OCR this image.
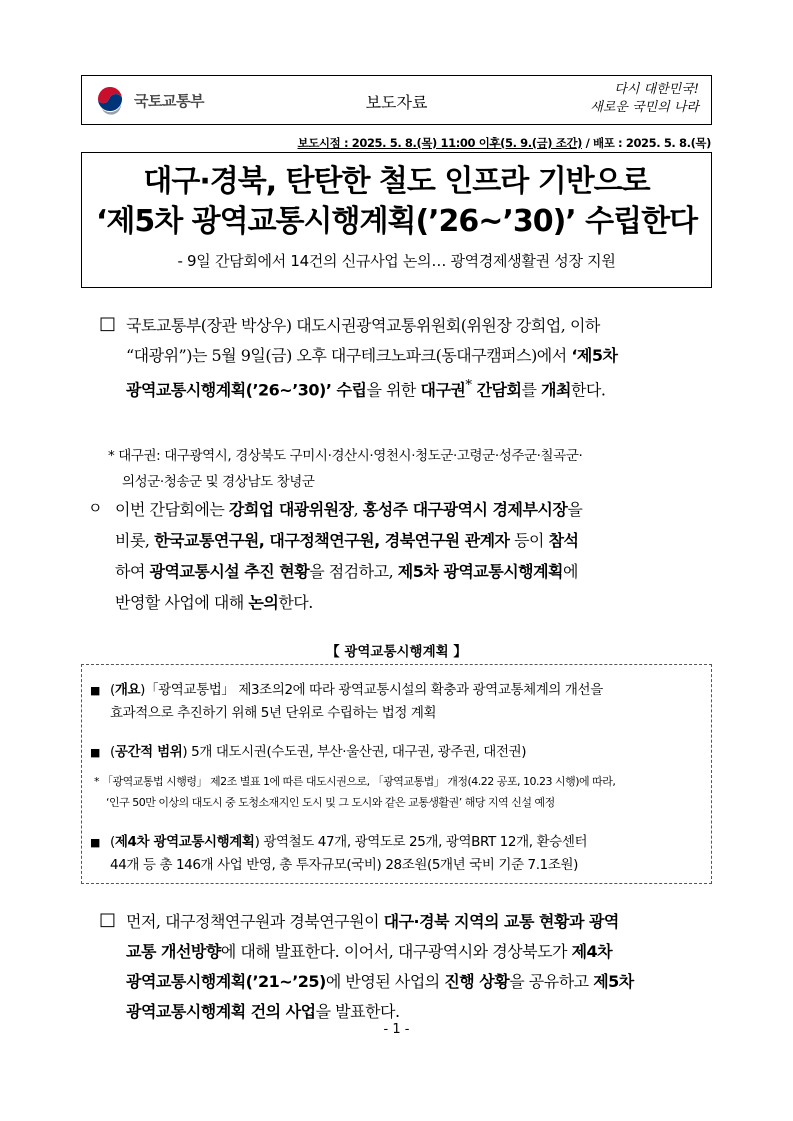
국토교통부	보도자료
다시 대한민국!
새로운 국민의 나라
보도시점 : 2025. 5. 8.(목) 11:00 이후(5. 9.(금) 조간) / 배포 : 2025. 5. 8.(목)
대구·경북, 탄탄한 철도 인프라 기반으로
‘제5차 광역교통시행계획(’26~’30)’ 수립한다
- 9일 간담회에서 14건의 신규사업 논의… 광역경제생활권 성장 지원
□ 국토교통부(장관 박상우) 대도시권광역교통위원회(위원장 강희업, 이하
“대광위”)는 5월 9일(금) 오후 대구테크노파크(동대구캠퍼스)에서 ‘제5차
광역교통시행계획(’26~’30)’ 수립을 위한 대구권* 간담회를 개최한다.
* 대구권: 대구광역시, 경상북도 구미시·경산시·영천시·청도군·고령군·성주군·칠곡군·
의성군·청송군 및 경상남도 창녕군
ㅇ 이번 간담회에는 강희업 대광위원장, 홍성주 대구광역시 경제부시장을
비롯, 한국교통연구원, 대구정책연구원, 경북연구원 관계자 등이 참석
하여 광역교통시설 추진 현황을 점검하고, 제5차 광역교통시행계획에
반영할 사업에 대해 논의한다.
【 광역교통시행계획 】
■ (개요)「광역교통법」 제3조의2에 따라 광역교통시설의 확충과 광역교통체계의 개선을
효과적으로 추진하기 위해 5년 단위로 수립하는 법정 계획
■ (공간적 범위) 5개 대도시권(수도권, 부산·울산권, 대구권, 광주권, 대전권)
* 「광역교통법 시행령」 제2조 별표 1에 따른 대도시권으로, 「광역교통법」 개정(4.22 공포, 10.23 시행)에 따라,
‘인구 50만 이상의 대도시 중 도청소재지인 도시 및 그 도시와 같은 교통생활권’ 해당 지역 신설 예정
■ (제4차 광역교통시행계획) 광역철도 47개, 광역도로 25개, 광역BRT 12개, 환승센터
44개 등 총 146개 사업 반영, 총 투자규모(국비) 28조원(5개년 국비 기준 7.1조원)
□ 먼저, 대구정책연구원과 경북연구원이 대구·경북 지역의 교통 현황과 광역
교통 개선방향에 대해 발표한다. 이어서, 대구광역시와 경상북도가 제4차
광역교통시행계획(’21~’25)에 반영된 사업의 진행 상황을 공유하고 제5차
광역교통시행계획 건의 사업을 발표한다.
- 1 -
